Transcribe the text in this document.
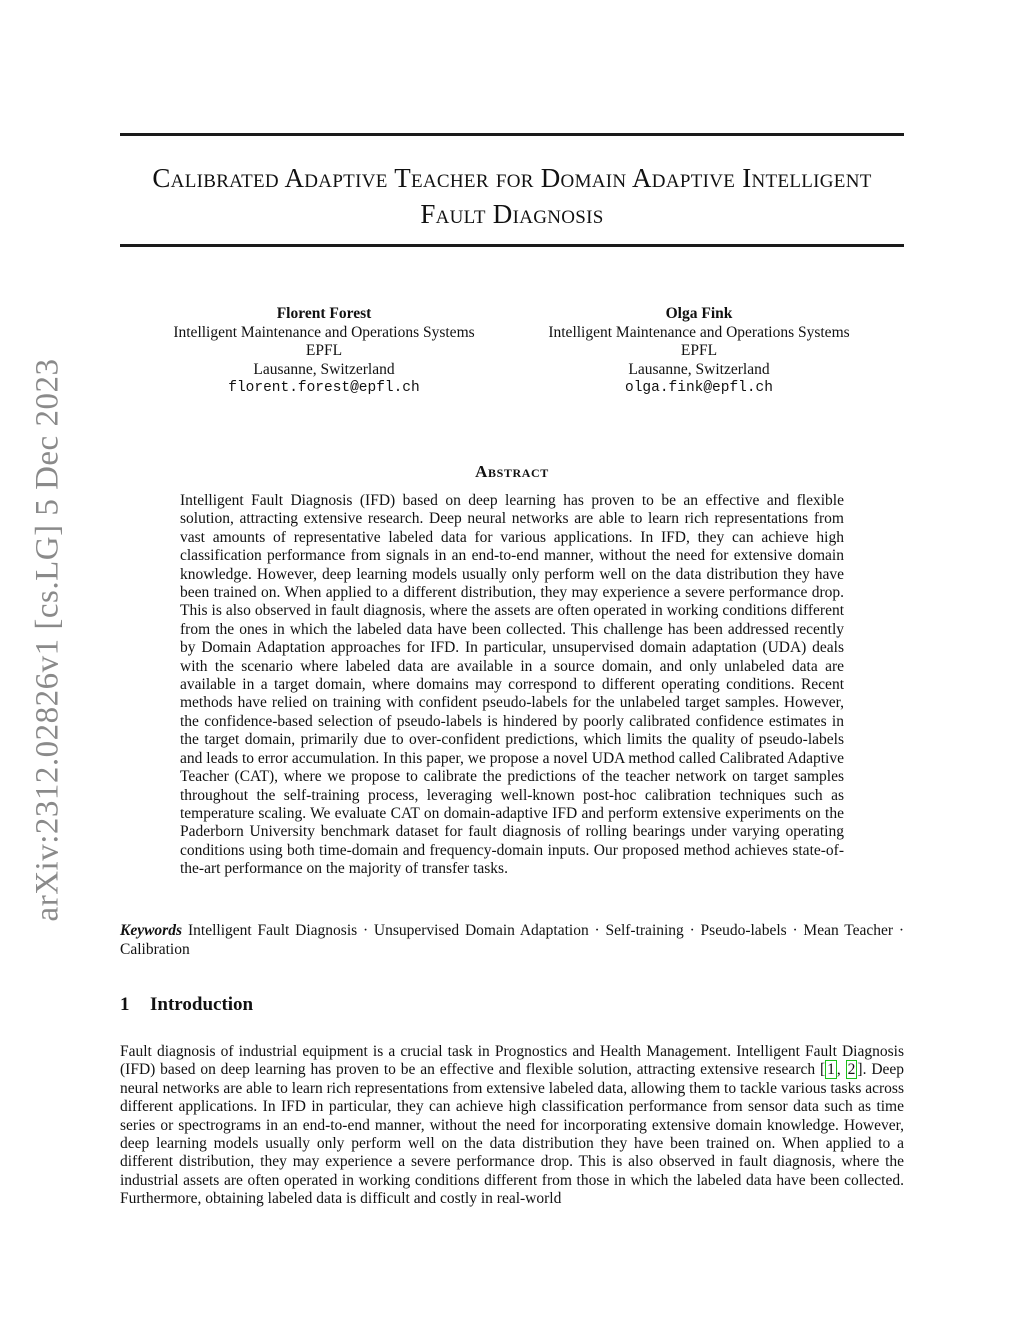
arXiv:2312.02826v1 [cs.LG] 5 Dec 2023
Calibrated Adaptive Teacher for Domain Adaptive Intelligent Fault Diagnosis
Florent Forest
Intelligent Maintenance and Operations Systems
EPFL
Lausanne, Switzerland
florent.forest@epfl.ch
Olga Fink
Intelligent Maintenance and Operations Systems
EPFL
Lausanne, Switzerland
olga.fink@epfl.ch
Abstract

Intelligent Fault Diagnosis (IFD) based on deep learning has proven to be an effective and flexible solution, attracting extensive research. Deep neural networks are able to learn rich representations from vast amounts of representative labeled data for various applications. In IFD, they can achieve high classification performance from signals in an end-to-end manner, without the need for extensive domain knowledge. However, deep learning models usually only perform well on the data distribution they have been trained on. When applied to a different distribution, they may experience a severe performance drop. This is also observed in fault diagnosis, where the assets are often operated in working conditions different from the ones in which the labeled data have been collected. This challenge has been addressed recently by Domain Adaptation approaches for IFD. In particular, unsupervised domain adaptation (UDA) deals with the scenario where labeled data are available in a source domain, and only unlabeled data are available in a target domain, where domains may correspond to different operating conditions. Recent methods have relied on training with confident pseudo-labels for the unlabeled target samples. However, the confidence-based selection of pseudo-labels is hindered by poorly calibrated confidence estimates in the target domain, primarily due to over-confident predictions, which limits the quality of pseudo-labels and leads to error accumulation. In this paper, we propose a novel UDA method called Calibrated Adaptive Teacher (CAT), where we propose to calibrate the predictions of the teacher network on target samples throughout the self-training process, leveraging well-known post-hoc calibration techniques such as temperature scaling. We evaluate CAT on domain-adaptive IFD and perform extensive experiments on the Paderborn University benchmark dataset for fault diagnosis of rolling bearings under varying operating conditions using both time-domain and frequency-domain inputs. Our proposed method achieves state-of-the-art performance on the majority of transfer tasks.

Keywords Intelligent Fault Diagnosis · Unsupervised Domain Adaptation · Self-training · Pseudo-labels · Mean Teacher · Calibration

1 Introduction

Fault diagnosis of industrial equipment is a crucial task in Prognostics and Health Management. Intelligent Fault Diagnosis (IFD) based on deep learning has proven to be an effective and flexible solution, attracting extensive research [ 1 , 2 ]. Deep neural networks are able to learn rich representations from extensive labeled data, allowing them to tackle various tasks across different applications. In IFD in particular, they can achieve high classification performance from sensor data such as time series or spectrograms in an end-to-end manner, without the need for incorporating extensive domain knowledge. However, deep learning models usually only perform well on the data distribution they have been trained on. When applied to a different distribution, they may experience a severe performance drop. This is also observed in fault diagnosis, where the industrial assets are often operated in working conditions different from those in which the labeled data have been collected. Furthermore, obtaining labeled data is difficult and costly in real-world
